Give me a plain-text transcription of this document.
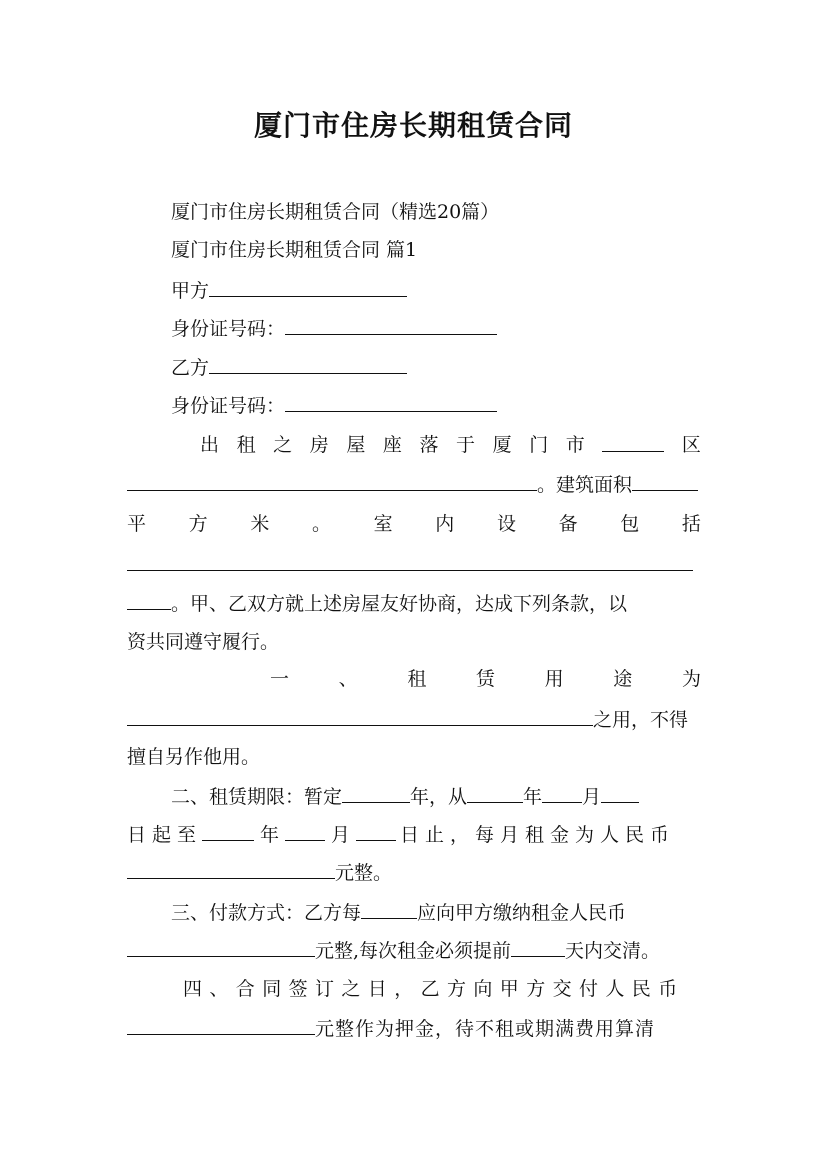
厦门市住房长期租赁合同
厦门市住房长期租赁合同（精选20篇）
厦门市住房长期租赁合同 篇1
甲方
身份证号码：
乙方
身份证号码：
出 租 之 房 屋 座 落 于 厦 门 市	区
。建筑面积
平 方 米 。 室 内 设 备 包 括
。甲、乙双方就上述房屋友好协商，达成下列条款，以
资共同遵守履行。
一	、	租	赁	用	途	为
之用，不得
擅自另作他用。
二、租赁期限：暂定	年，从	年 月
日起至	年	月	日止，每月租金为人民币
元整。
三、付款方式：乙方每	应向甲方缴纳租金人民币
元整,每次租金必须提前	天内交清。
四、合同签订之日，乙方向甲方交付人民币
元整作为押金，待不租或期满费用算清
